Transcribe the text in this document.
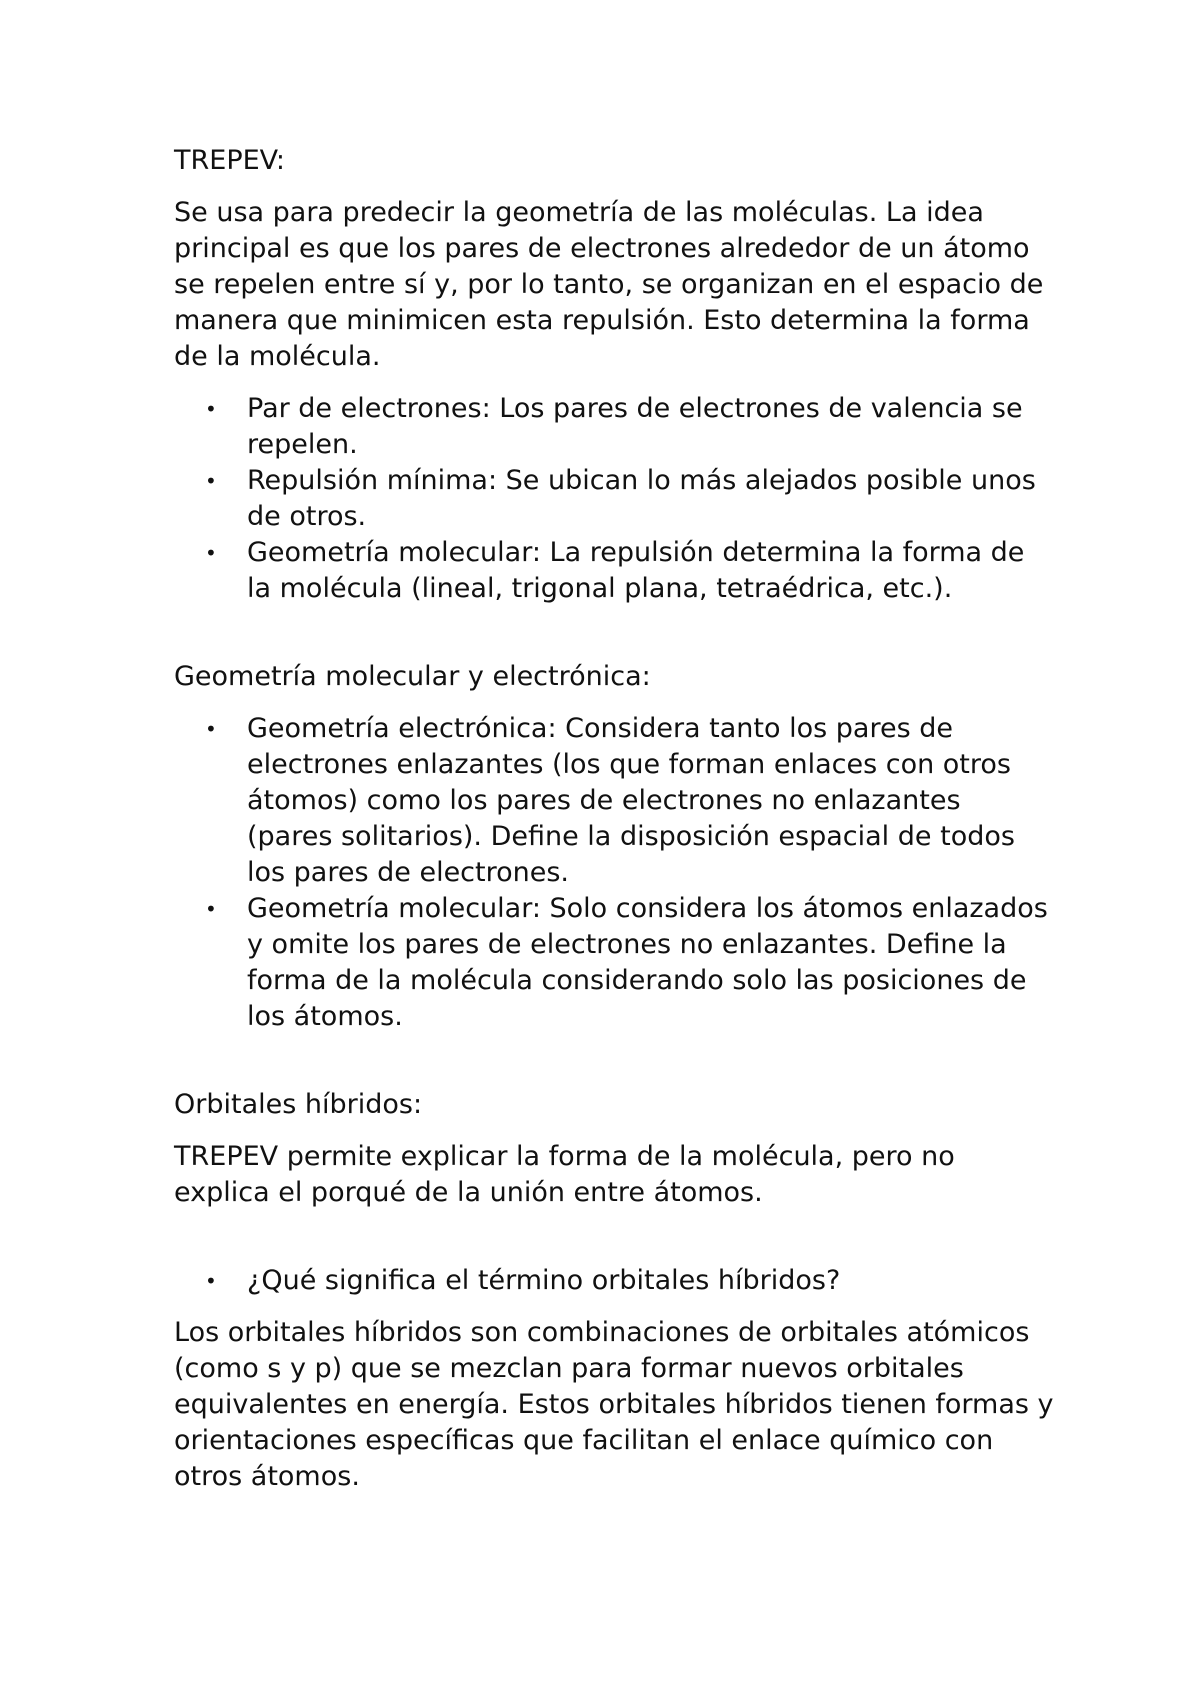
TREPEV:

Se usa para predecir la geometría de las moléculas. La idea principal es que los pares de electrones alrededor de un átomo se repelen entre sí y, por lo tanto, se organizan en el espacio de manera que minimicen esta repulsión. Esto determina la forma de la molécula.

• Par de electrones: Los pares de electrones de valencia se repelen.
• Repulsión mínima: Se ubican lo más alejados posible unos de otros.
• Geometría molecular: La repulsión determina la forma de la molécula (lineal, trigonal plana, tetraédrica, etc.).

Geometría molecular y electrónica:

• Geometría electrónica: Considera tanto los pares de electrones enlazantes (los que forman enlaces con otros átomos) como los pares de electrones no enlazantes (pares solitarios). Define la disposición espacial de todos los pares de electrones.
• Geometría molecular: Solo considera los átomos enlazados y omite los pares de electrones no enlazantes. Define la forma de la molécula considerando solo las posiciones de los átomos.

Orbitales híbridos:

TREPEV permite explicar la forma de la molécula, pero no explica el porqué de la unión entre átomos.

• ¿Qué significa el término orbitales híbridos?

Los orbitales híbridos son combinaciones de orbitales atómicos (como s y p) que se mezclan para formar nuevos orbitales equivalentes en energía. Estos orbitales híbridos tienen formas y orientaciones específicas que facilitan el enlace químico con otros átomos.
